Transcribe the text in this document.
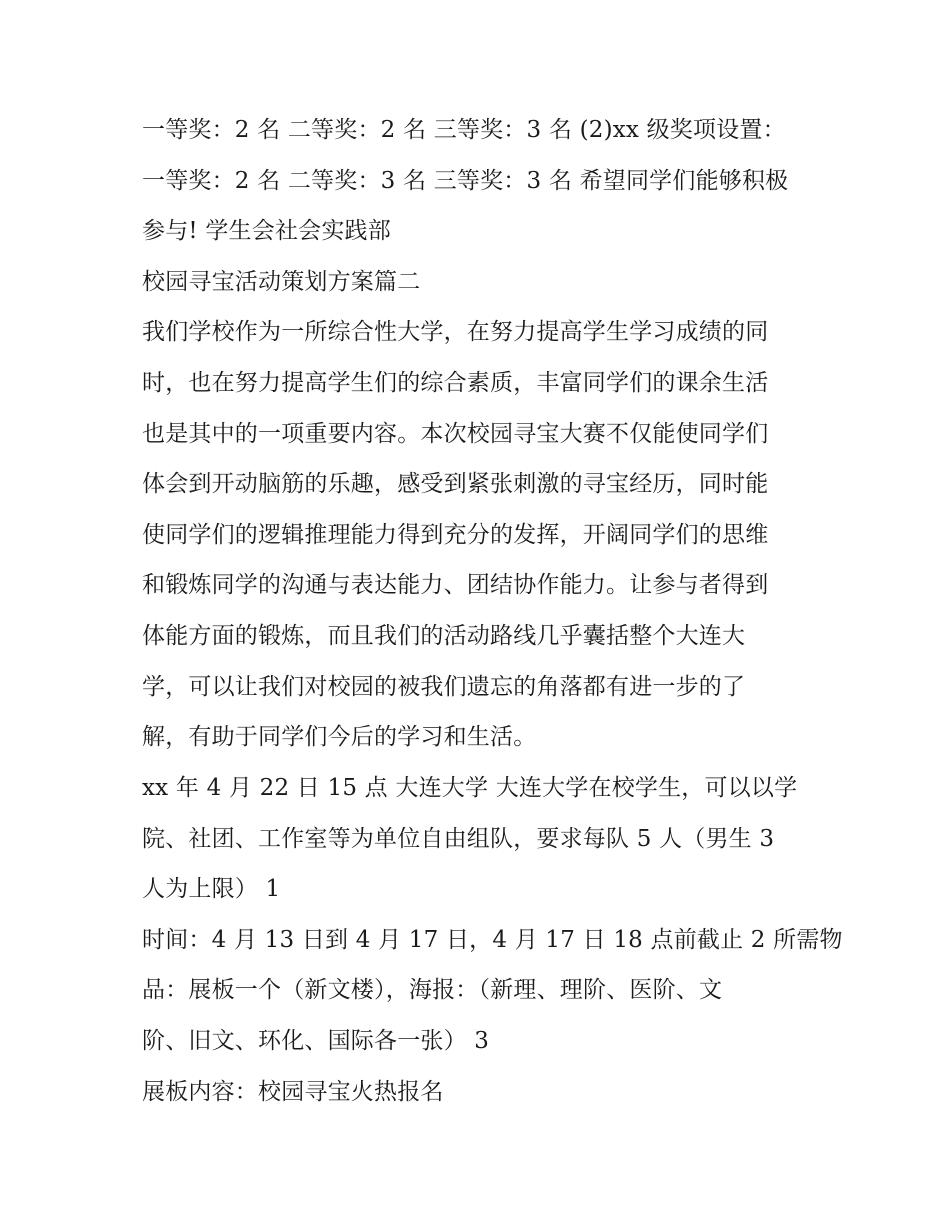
一等奖：2 名 二等奖：2 名 三等奖：3 名 (2)xx 级奖项设置：
一等奖：2 名 二等奖：3 名 三等奖：3 名 希望同学们能够积极
参与! 学生会社会实践部
校园寻宝活动策划方案篇二
我们学校作为一所综合性大学，在努力提高学生学习成绩的同
时，也在努力提高学生们的综合素质，丰富同学们的课余生活
也是其中的一项重要内容。本次校园寻宝大赛不仅能使同学们
体会到开动脑筋的乐趣，感受到紧张刺激的寻宝经历，同时能
使同学们的逻辑推理能力得到充分的发挥，开阔同学们的思维
和锻炼同学的沟通与表达能力、团结协作能力。让参与者得到
体能方面的锻炼，而且我们的活动路线几乎囊括整个大连大
学，可以让我们对校园的被我们遗忘的角落都有进一步的了
解，有助于同学们今后的学习和生活。
xx 年 4 月 22 日 15 点 大连大学 大连大学在校学生，可以以学
院、社团、工作室等为单位自由组队，要求每队 5 人（男生 3
人为上限） 1
时间：4 月 13 日到 4 月 17 日，4 月 17 日 18 点前截止 2 所需物
品：展板一个（新文楼），海报：（新理、理阶、医阶、文
阶、旧文、环化、国际各一张） 3
展板内容：校园寻宝火热报名
